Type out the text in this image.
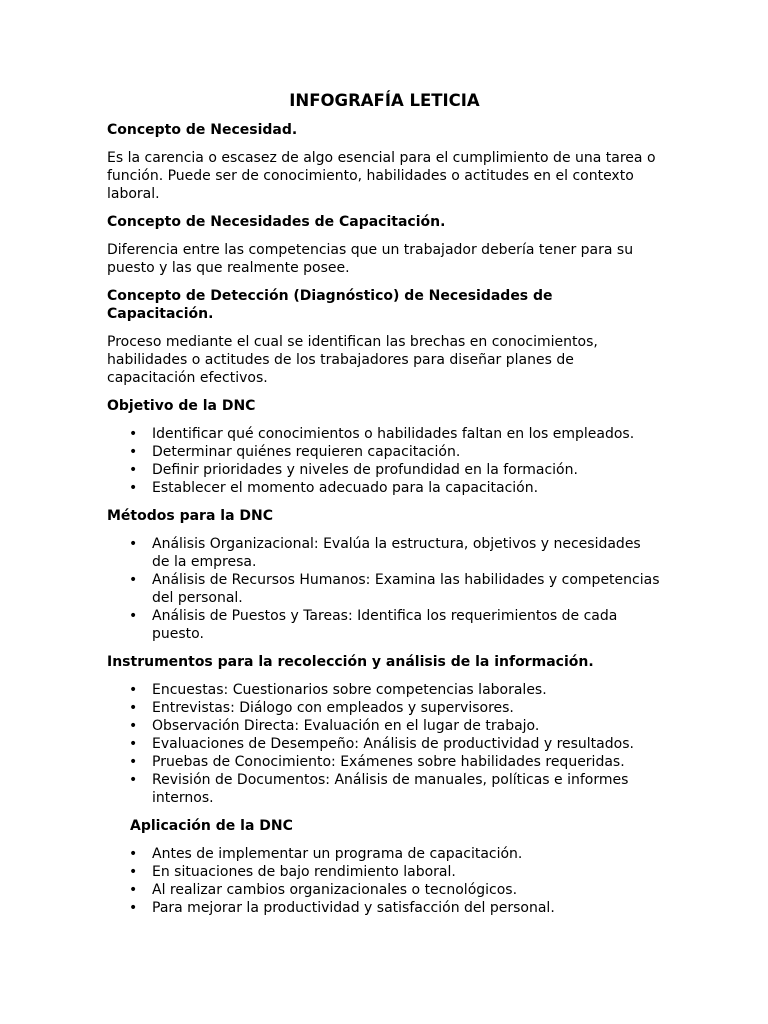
INFOGRAFÍA LETICIA
Concepto de Necesidad.

Es la carencia o escasez de algo esencial para el cumplimiento de una tarea o función. Puede ser de conocimiento, habilidades o actitudes en el contexto laboral.

Concepto de Necesidades de Capacitación.

Diferencia entre las competencias que un trabajador debería tener para su puesto y las que realmente posee.

Concepto de Detección (Diagnóstico) de Necesidades de Capacitación.

Proceso mediante el cual se identifican las brechas en conocimientos, habilidades o actitudes de los trabajadores para diseñar planes de capacitación efectivos.

Objetivo de la DNC
• Identificar qué conocimientos o habilidades faltan en los empleados.
• Determinar quiénes requieren capacitación.
• Definir prioridades y niveles de profundidad en la formación.
• Establecer el momento adecuado para la capacitación.
Métodos para la DNC
• Análisis Organizacional: Evalúa la estructura, objetivos y necesidades de la empresa.
• Análisis de Recursos Humanos: Examina las habilidades y competencias del personal.
• Análisis de Puestos y Tareas: Identifica los requerimientos de cada puesto.
Instrumentos para la recolección y análisis de la información.
• Encuestas: Cuestionarios sobre competencias laborales.
• Entrevistas: Diálogo con empleados y supervisores.
• Observación Directa: Evaluación en el lugar de trabajo.
• Evaluaciones de Desempeño: Análisis de productividad y resultados.
• Pruebas de Conocimiento: Exámenes sobre habilidades requeridas.
• Revisión de Documentos: Análisis de manuales, políticas e informes internos.
Aplicación de la DNC
• Antes de implementar un programa de capacitación.
• En situaciones de bajo rendimiento laboral.
• Al realizar cambios organizacionales o tecnológicos.
• Para mejorar la productividad y satisfacción del personal.
